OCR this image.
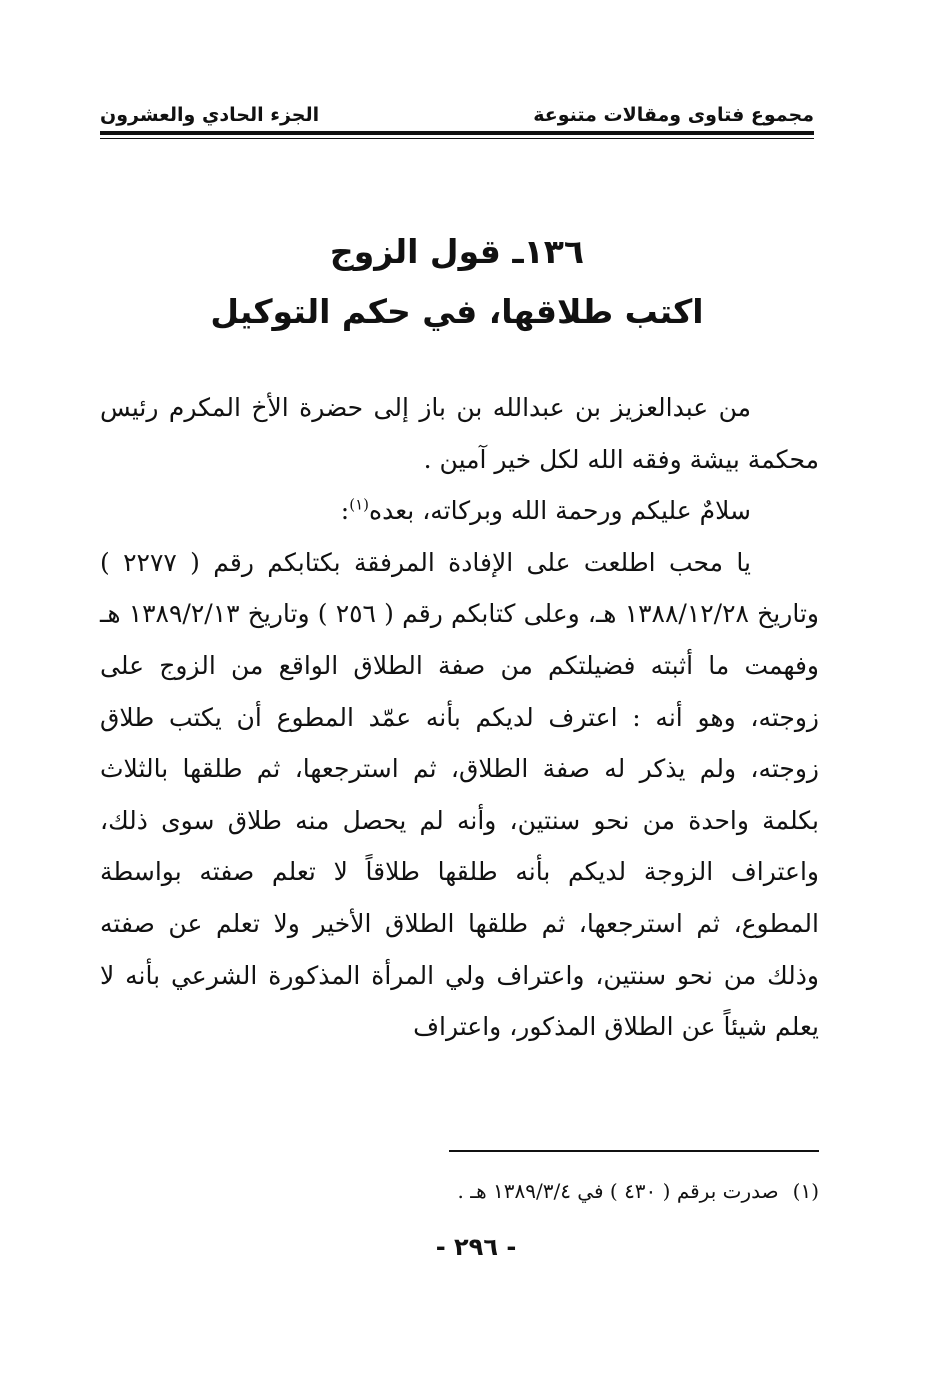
مجموع فتاوى ومقالات متنوعة
الجزء الحادي والعشرون

١٣٦ـ قول الزوج

اكتب طلاقها، في حكم التوكيل

من عبدالعزيز بن عبدالله بن باز إلى حضرة الأخ المكرم رئيس محكمة بيشة وفقه الله لكل خير آمين .

سلامٌ عليكم ورحمة الله وبركاته، بعده$^{(١)}$:

يا محب اطلعت على الإفادة المرفقة بكتابكم رقم ( ٢٢٧٧ ) وتاريخ ١٣٨٨/١٢/٢٨ هـ، وعلى كتابكم رقم ( ٢٥٦ ) وتاريخ ١٣٨٩/٢/١٣ هـ وفهمت ما أثبته فضيلتكم من صفة الطلاق الواقع من الزوج على زوجته، وهو أنه : اعترف لديكم بأنه عمّد المطوع أن يكتب طلاق زوجته، ولم يذكر له صفة الطلاق، ثم استرجعها، ثم طلقها بالثلاث بكلمة واحدة من نحو سنتين، وأنه لم يحصل منه طلاق سوى ذلك، واعتراف الزوجة لديكم بأنه طلقها طلاقاً لا تعلم صفته بواسطة المطوع، ثم استرجعها، ثم طلقها الطلاق الأخير ولا تعلم عن صفته وذلك من نحو سنتين، واعتراف ولي المرأة المذكورة الشرعي بأنه لا يعلم شيئاً عن الطلاق المذكور، واعتراف

(١)صدرت برقم ( ٤٣٠ ) في ١٣٨٩/٣/٤ هـ .
- ٢٩٦ -
